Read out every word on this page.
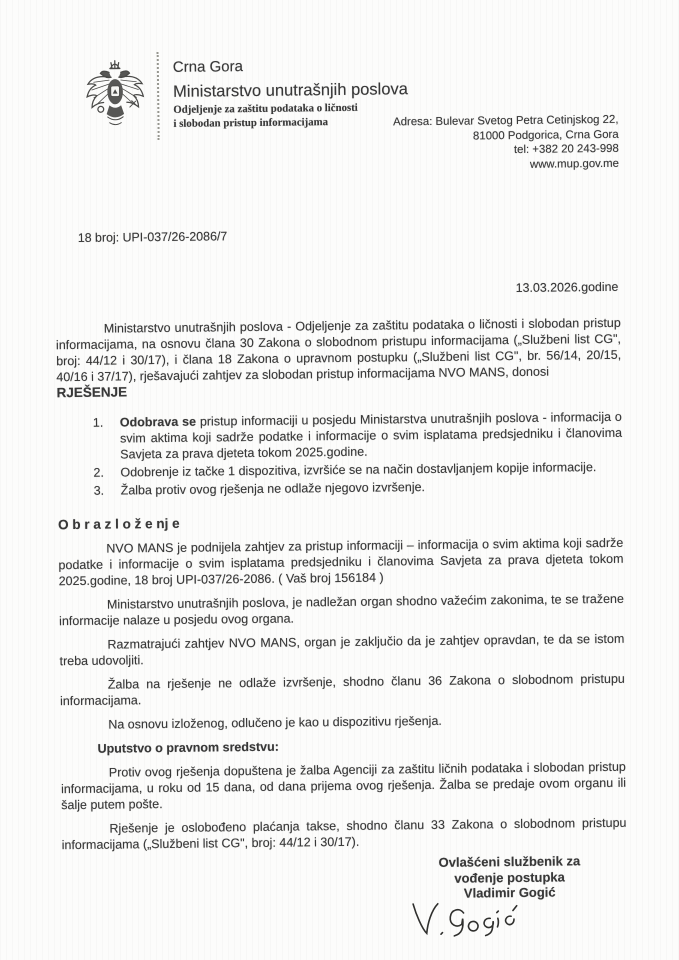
Crna Gora

Ministarstvo unutrašnjih poslova

Odjeljenje za zaštitu podataka o ličnosti
i slobodan pristup informacijama	Adresa: Bulevar Svetog Petra Cetinjskog 22,
81000 Podgorica, Crna Gora
tel: +382 20 243-998
www.mup.gov.me
18 broj: UPI-037/26-2086/7
13.03.2026.godine

Ministarstvo unutrašnjih poslova - Odjeljenje za zaštitu podataka o ličnosti i slobodan pristup informacijama, na osnovu člana 30 Zakona o slobodnom pristupu informacijama („Službeni list CG", broj: 44/12 i 30/17), i člana 18 Zakona o upravnom postupku („Službeni list CG", br. 56/14, 20/15, 40/16 i 37/17), rješavajući zahtjev za slobodan pristup informacijama NVO MANS, donosi

RJEŠENJE

1. Odobrava se pristup informaciji u posjedu Ministarstva unutrašnjih poslova - informacija o svim aktima koji sadrže podatke i informacije o svim isplatama predsjedniku i članovima Savjeta za prava djeteta tokom 2025.godine.
2. Odobrenje iz tačke 1 dispozitiva, izvršiće se na način dostavljanjem kopije informacije.
3. Žalba protiv ovog rješenja ne odlaže njegovo izvršenje.

O b r a z l o ž e nj e

NVO MANS je podnijela zahtjev za pristup informaciji – informacija o svim aktima koji sadrže podatke i informacije o svim isplatama predsjedniku i članovima Savjeta za prava djeteta tokom 2025.godine, 18 broj UPI-037/26-2086. ( Vaš broj 156184 )

Ministarstvo unutrašnjih poslova, je nadležan organ shodno važećim zakonima, te se tražene informacije nalaze u posjedu ovog organa.

Razmatrajući zahtjev NVO MANS, organ je zaključio da je zahtjev opravdan, te da se istom treba udovoljiti.

Žalba na rješenje ne odlaže izvršenje, shodno članu 36 Zakona o slobodnom pristupu informacijama.

Na osnovu izloženog, odlučeno je kao u dispozitivu rješenja.

Uputstvo o pravnom sredstvu:

Protiv ovog rješenja dopuštena je žalba Agenciji za zaštitu ličnih podataka i slobodan pristup informacijama, u roku od 15 dana, od dana prijema ovog rješenja. Žalba se predaje ovom organu ili šalje putem pošte.

Rješenje je oslobođeno plaćanja takse, shodno članu 33 Zakona o slobodnom pristupu informacijama („Službeni list CG", broj: 44/12 i 30/17).

Ovlašćeni službenik za
vođenje postupka
Vladimir Gogić
